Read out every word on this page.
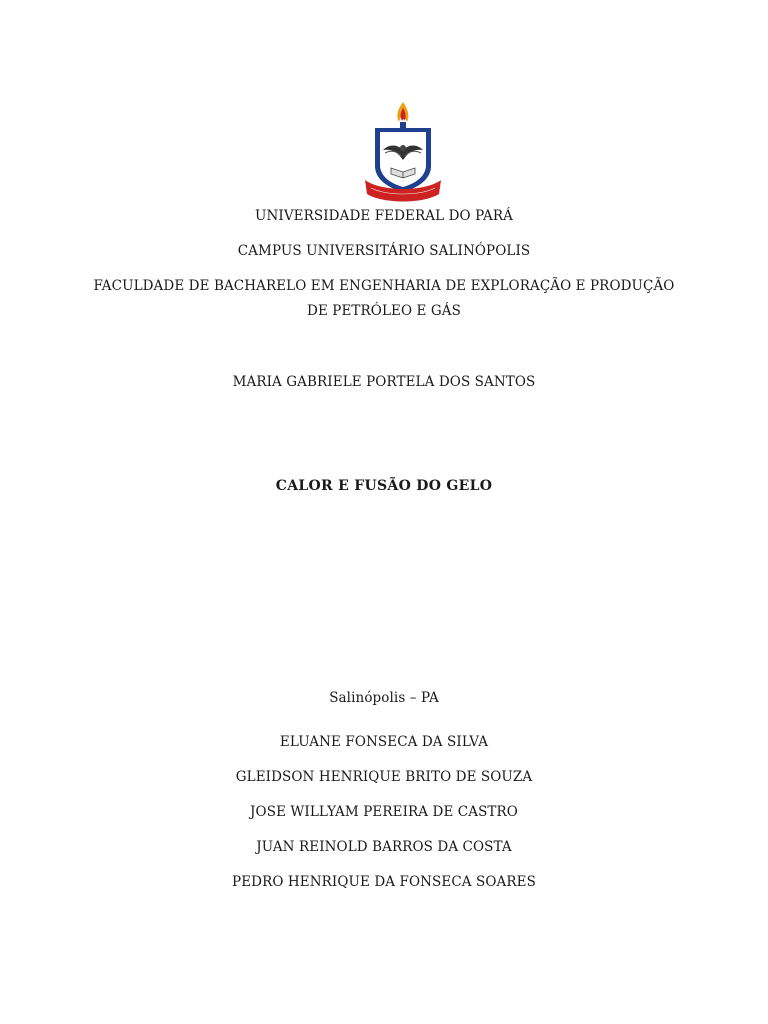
UNIVERSIDADE FEDERAL DO PARÁ

CAMPUS UNIVERSITÁRIO SALINÓPOLIS

FACULDADE DE BACHARELO EM ENGENHARIA DE EXPLORAÇÃO E PRODUÇÃO

DE PETRÓLEO E GÁS

MARIA GABRIELE PORTELA DOS SANTOS

CALOR E FUSÃO DO GELO

Salinópolis – PA

ELUANE FONSECA DA SILVA

GLEIDSON HENRIQUE BRITO DE SOUZA

JOSE WILLYAM PEREIRA DE CASTRO

JUAN REINOLD BARROS DA COSTA

PEDRO HENRIQUE DA FONSECA SOARES
